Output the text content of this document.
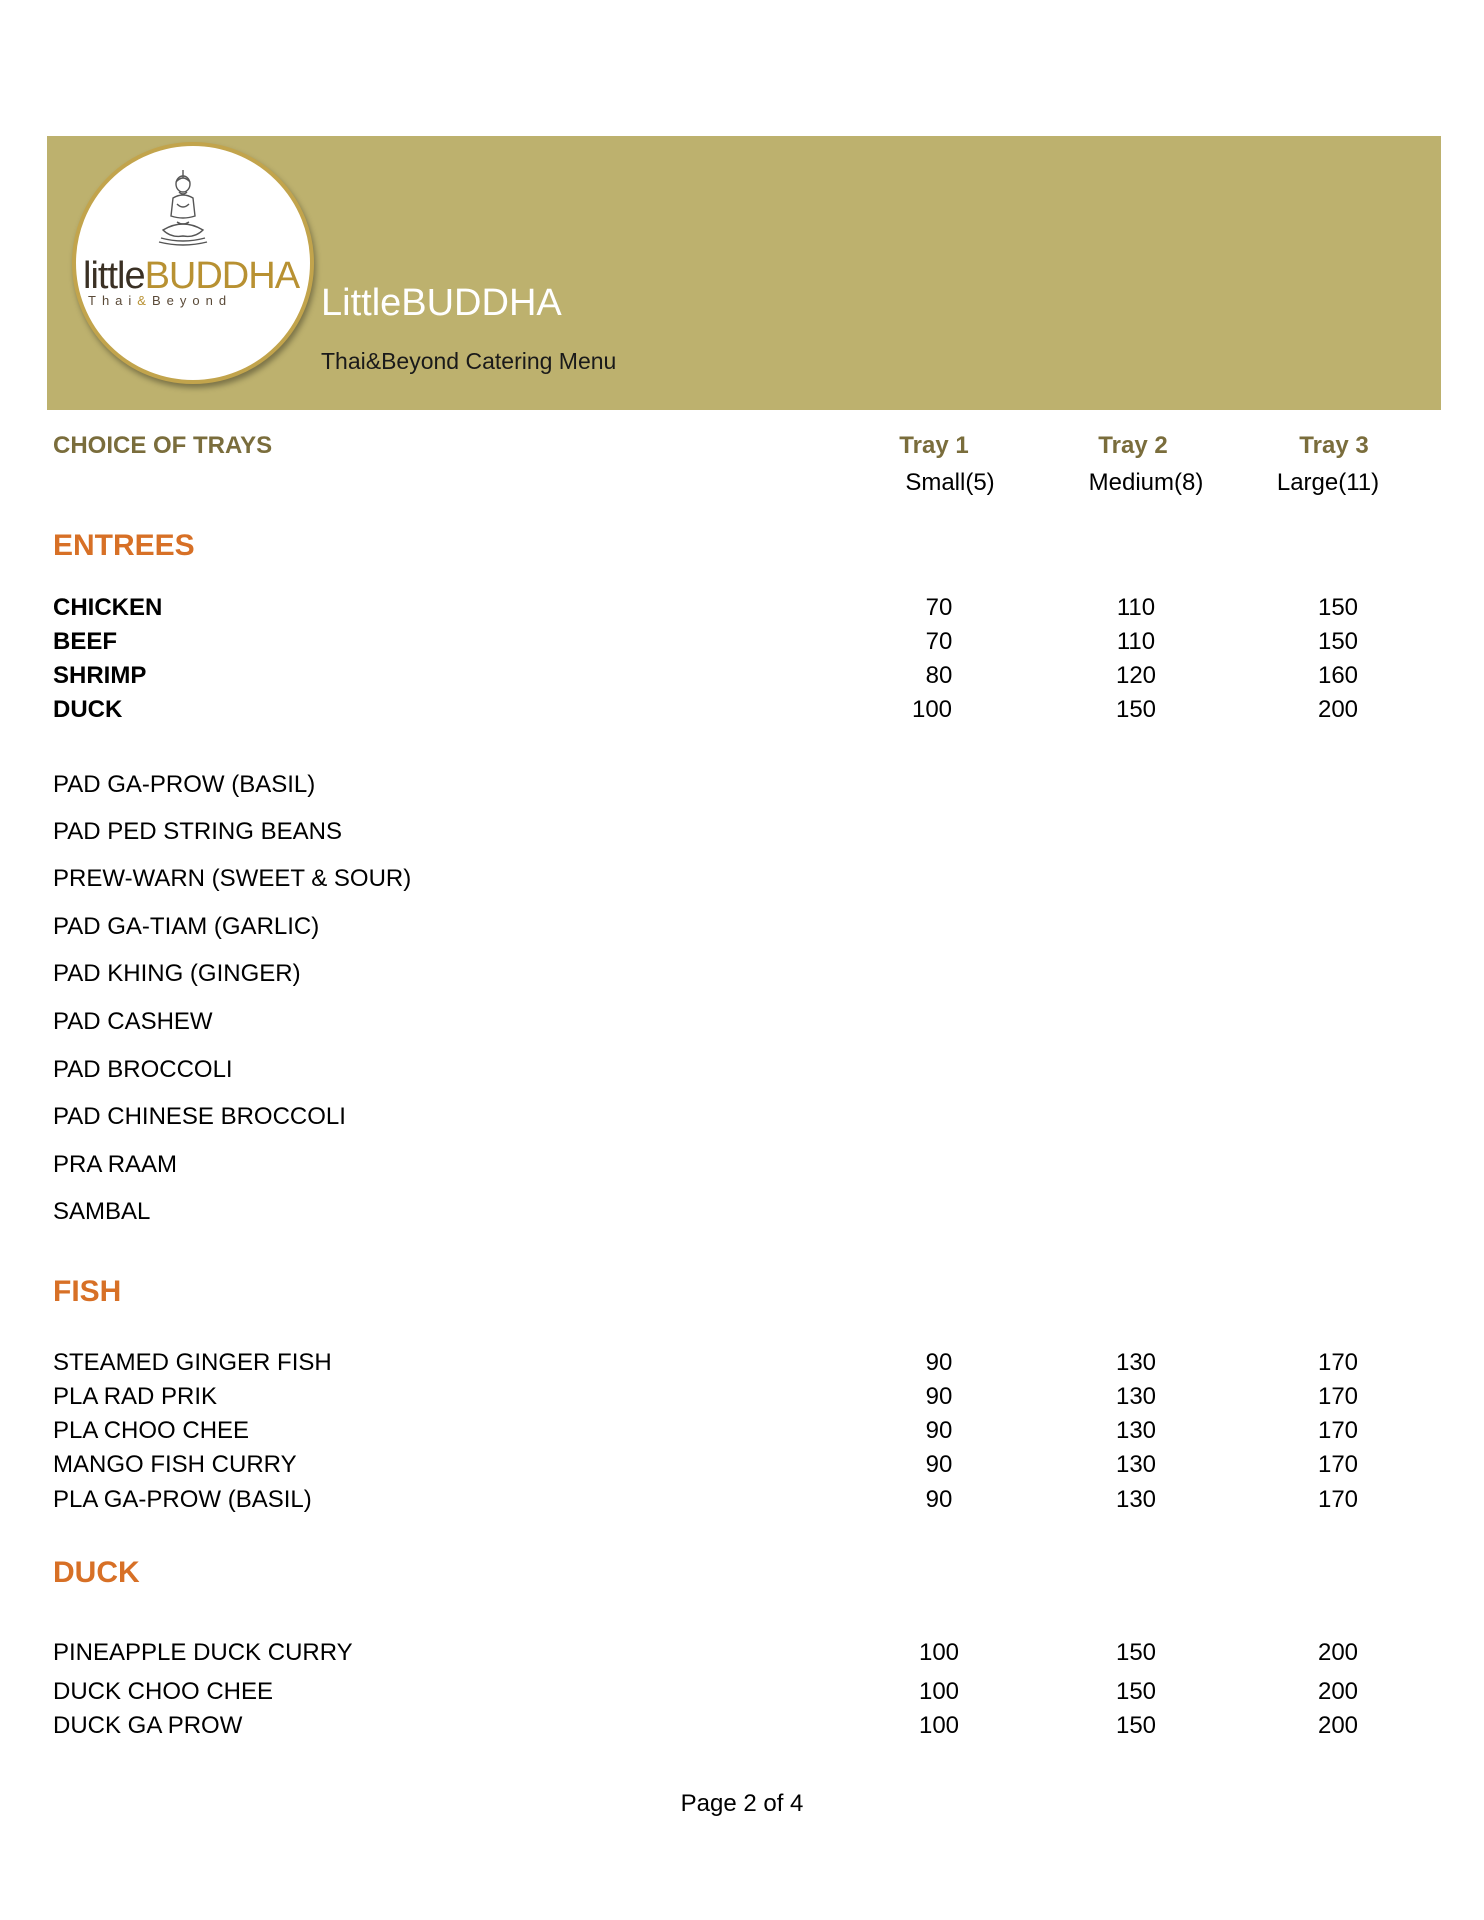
littleBUDDHA
Thai&Beyond LittleBUDDHA
Thai&Beyond Catering Menu
CHOICE OF TRAYS	Tray 1	Tray 2	Tray 3
Small(5)	Medium(8)	Large(11)
ENTREES
CHICKEN	70	110	150
BEEF	70	110	150
SHRIMP	80	120	160
DUCK	100	150	200
PAD GA-PROW (BASIL)
PAD PED STRING BEANS
PREW-WARN (SWEET & SOUR)
PAD GA-TIAM (GARLIC)
PAD KHING (GINGER)
PAD CASHEW
PAD BROCCOLI
PAD CHINESE BROCCOLI
PRA RAAM
SAMBAL
FISH
STEAMED GINGER FISH	90	130	170
PLA RAD PRIK	90	130	170
PLA CHOO CHEE	90	130	170
MANGO FISH CURRY	90	130	170
PLA GA-PROW (BASIL)	90	130	170
DUCK
PINEAPPLE DUCK CURRY	100	150	200
DUCK CHOO CHEE	100	150	200
DUCK GA PROW	100	150	200
Page 2 of 4
